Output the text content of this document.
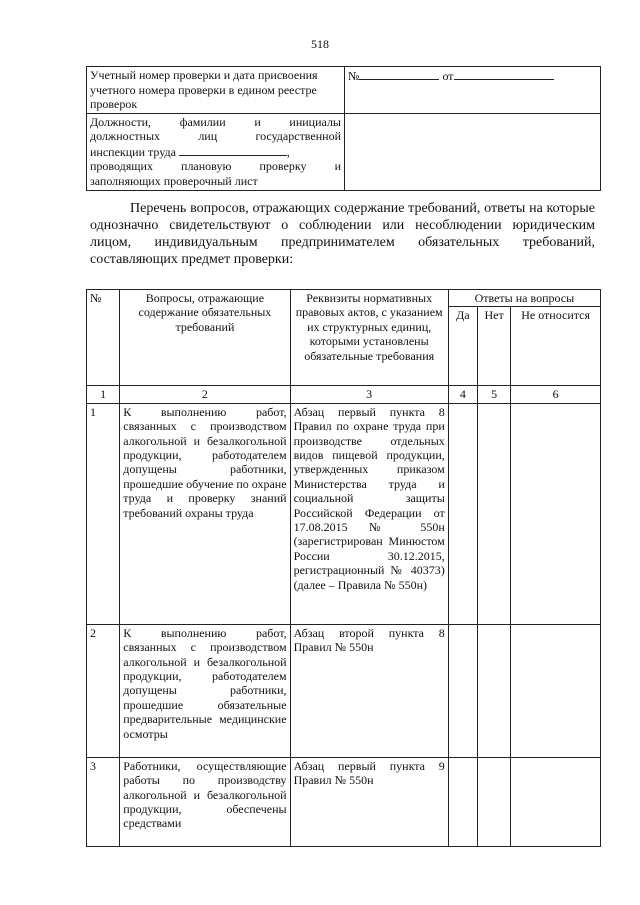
518
Учетный номер проверки и дата присвоения учетного номера проверки в едином реестре проверок	№ от

Должности, фамилии и инициалы
должностных лиц государственной
инспекции труда ,
проводящих плановую проверку и
заполняющих проверочный лист	

Перечень вопросов, отражающих содержание требований, ответы на которые однозначно свидетельствуют о соблюдении или несоблюдении юридическим лицом, индивидуальным предпринимателем обязательных требований, составляющих предмет проверки:
№	Вопросы, отражающие содержание обязательных требований	Реквизиты нормативных правовых актов, с указанием их структурных единиц, которыми установлены обязательные требования	Ответы на вопросы		
			Да	Нет	Не относится
1	2	3	4	5	6
1	К выполнению работ, связанных с производством алкогольной и безалкогольной продукции, работодателем допущены работники, прошедшие обучение по охране труда и проверку знаний требований охраны труда	Абзац первый пункта 8 Правил по охране труда при производстве отдельных видов пищевой продукции, утвержденных приказом Министерства труда и социальной защиты Российской Федерации от 17.08.2015 № 550н (зарегистрирован Минюстом России 30.12.2015, регистрационный № 40373) (далее – Правила № 550н)			
2	К выполнению работ, связанных с производством алкогольной и безалкогольной продукции, работодателем допущены работники, прошедшие обязательные предварительные медицинские осмотры	Абзац второй пункта 8 Правил № 550н			
3	Работники, осуществляющие работы по производству алкогольной и безалкогольной продукции, обеспечены средствами	Абзац первый пункта 9 Правил № 550н			
